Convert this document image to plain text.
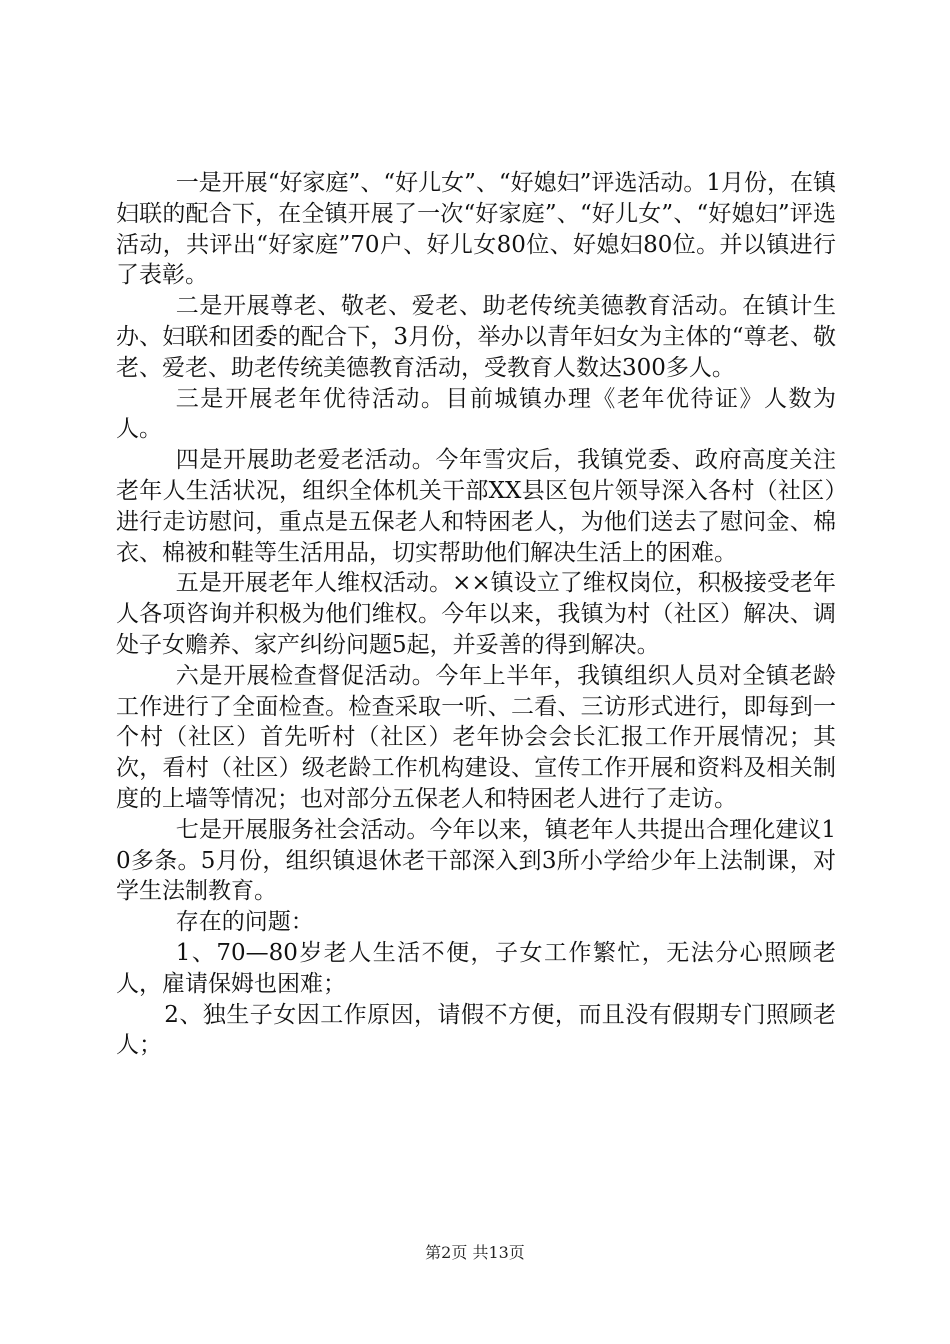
一是开展“好家庭”、“好儿女”、“好媳妇”评选活动。1月份，在镇妇联的配合下，在全镇开展了一次“好家庭”、“好儿女”、“好媳妇”评选活动，共评出“好家庭”70户、好儿女80位、好媳妇80位。并以镇进行了表彰。

二是开展尊老、敬老、爱老、助老传统美德教育活动。在镇计生办、妇联和团委的配合下，3月份，举办以青年妇女为主体的“尊老、敬老、爱老、助老传统美德教育活动，受教育人数达300多人。

三是开展老年优待活动。目前城镇办理《老年优待证》人数为人。

四是开展助老爱老活动。今年雪灾后，我镇党委、政府高度关注老年人生活状况，组织全体机关干部XX县区包片领导深入各村（社区）进行走访慰问，重点是五保老人和特困老人，为他们送去了慰问金、棉衣、棉被和鞋等生活用品，切实帮助他们解决生活上的困难。

五是开展老年人维权活动。××镇设立了维权岗位，积极接受老年人各项咨询并积极为他们维权。今年以来，我镇为村（社区）解决、调处子女赡养、家产纠纷问题5起，并妥善的得到解决。

六是开展检查督促活动。今年上半年，我镇组织人员对全镇老龄工作进行了全面检查。检查采取一听、二看、三访形式进行，即每到一个村（社区）首先听村（社区）老年协会会长汇报工作开展情况；其次，看村（社区）级老龄工作机构建设、宣传工作开展和资料及相关制度的上墙等情况；也对部分五保老人和特困老人进行了走访。

七是开展服务社会活动。今年以来，镇老年人共提出合理化建议10多条。5月份，组织镇退休老干部深入到3所小学给少年上法制课，对学生法制教育。

存在的问题：

1、70—80岁老人生活不便，子女工作繁忙，无法分心照顾老人，雇请保姆也困难；

2、独生子女因工作原因，请假不方便，而且没有假期专门照顾老人；

第2页 共13页
